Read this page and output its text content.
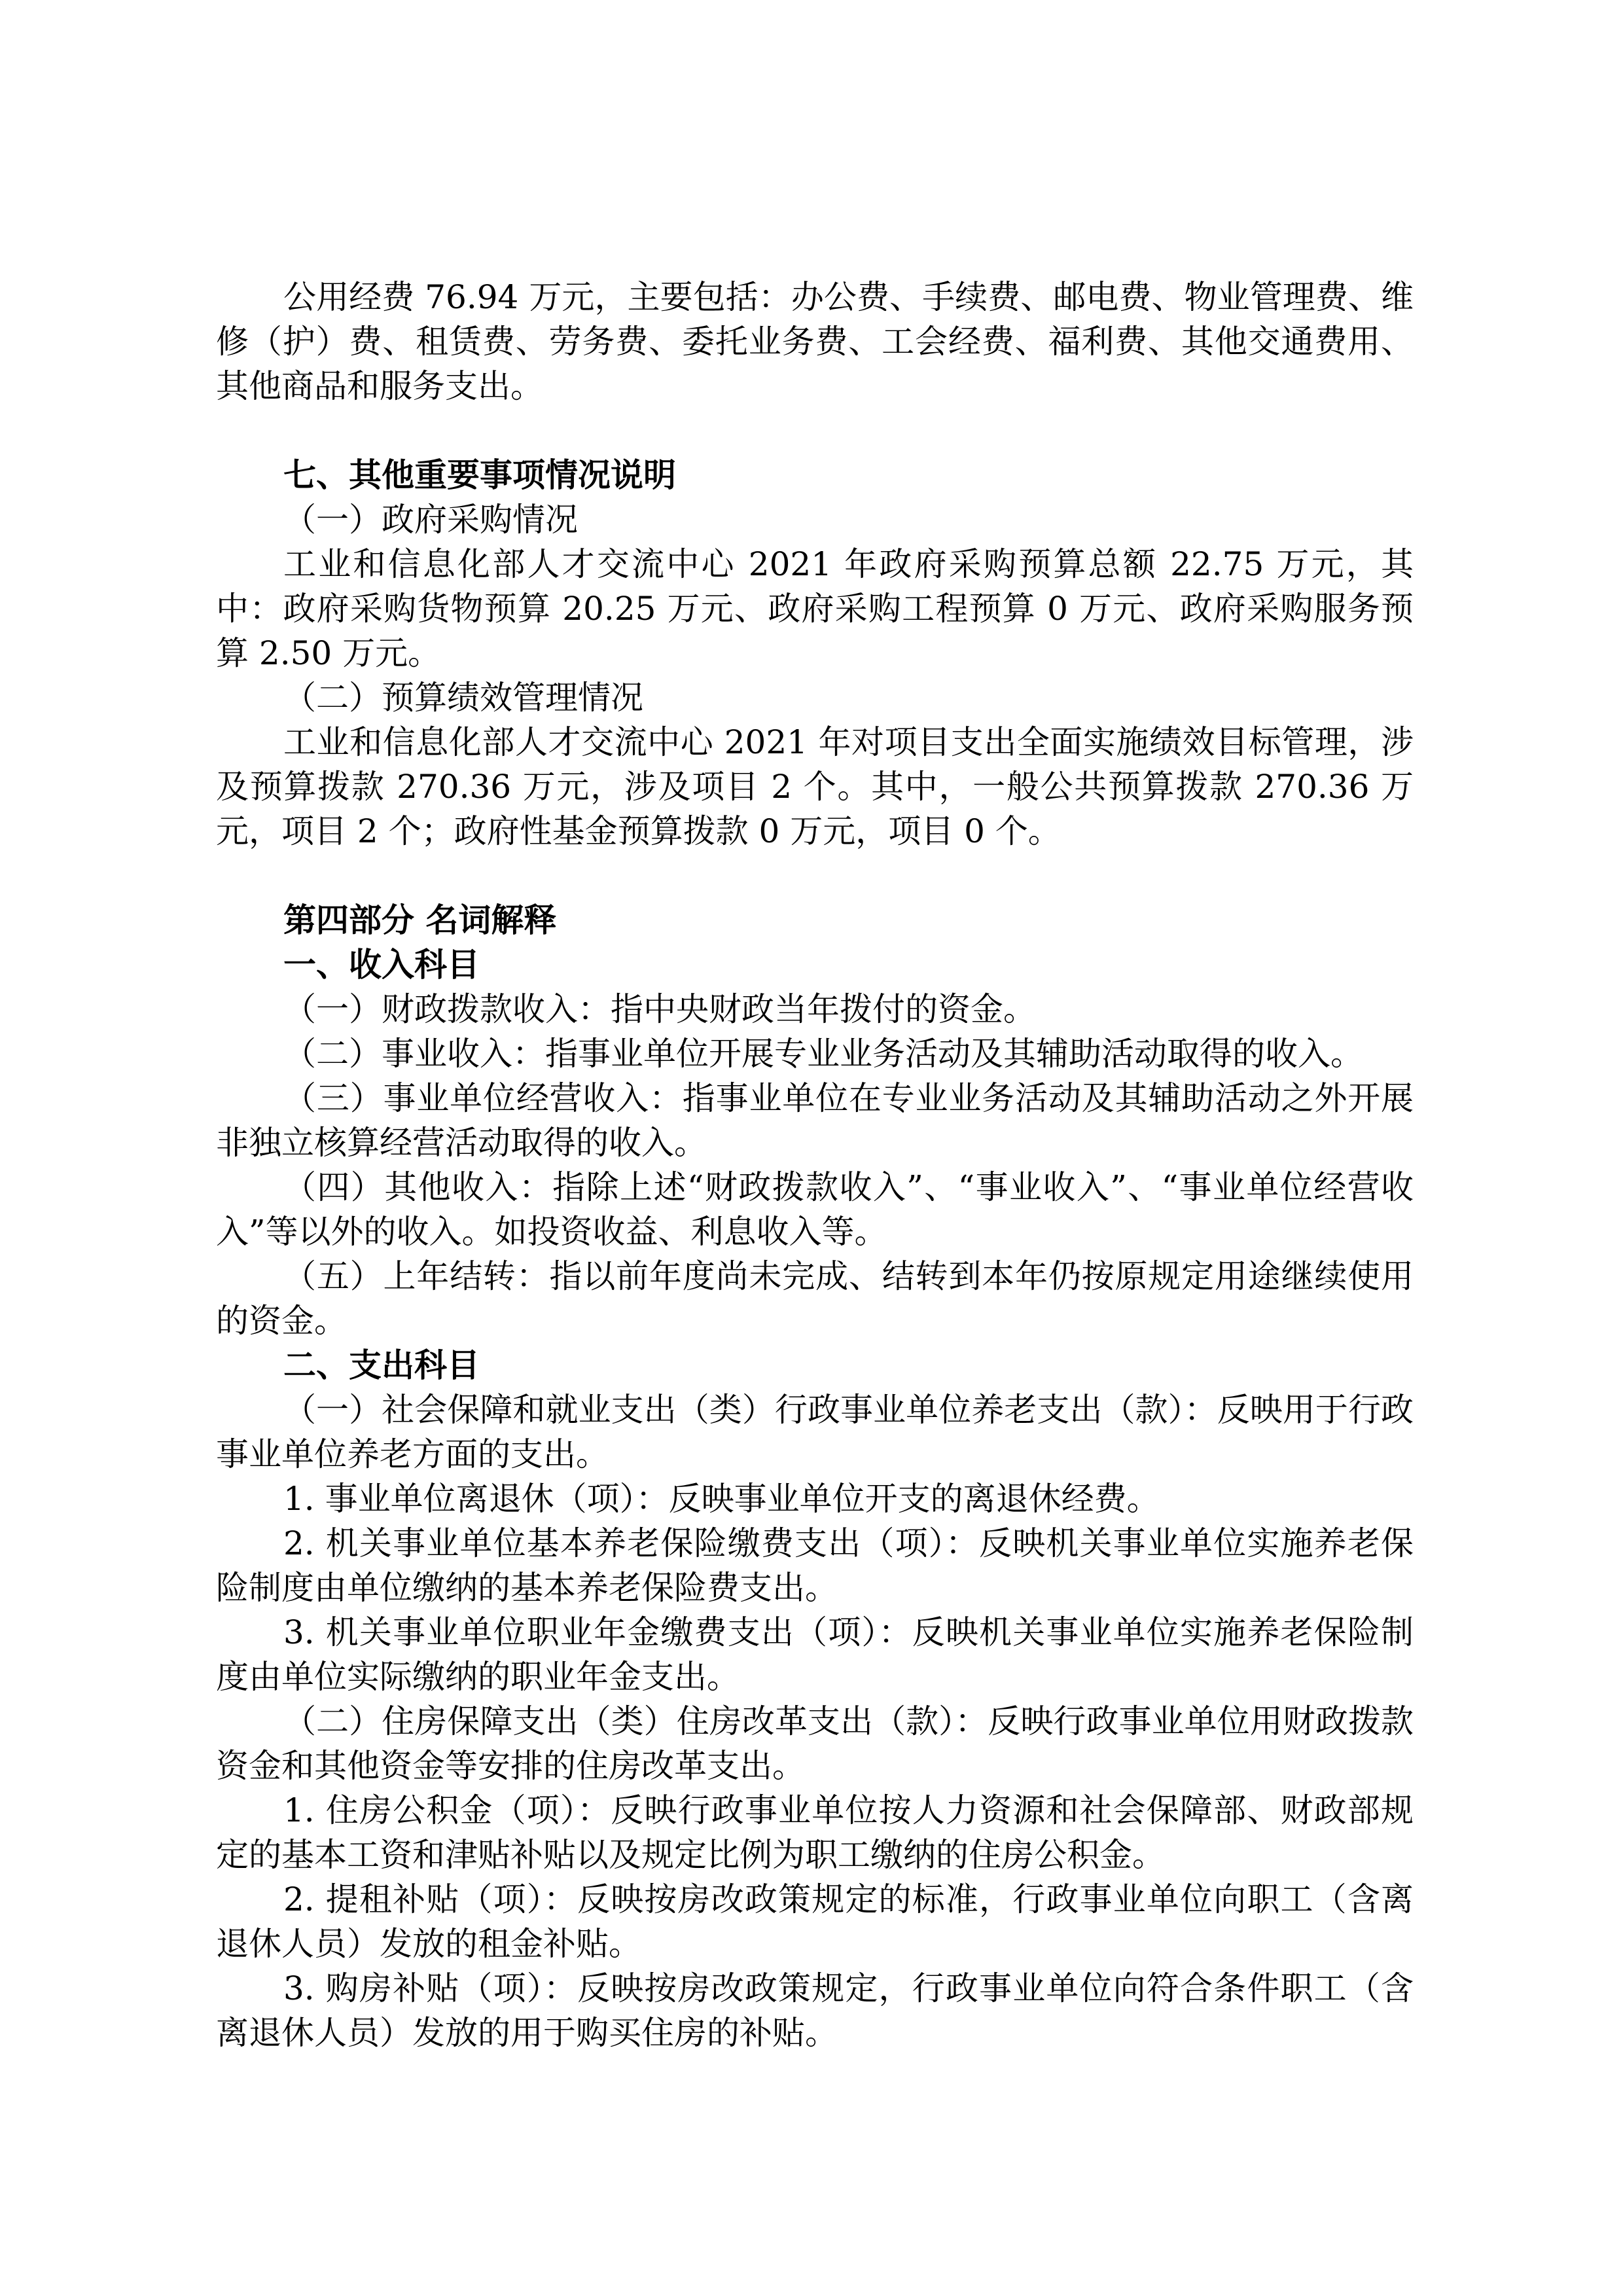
公用经费 76.94 万元，主要包括：办公费、手续费、邮电费、物业管理费、维修（护）费、租赁费、劳务费、委托业务费、工会经费、福利费、其他交通费用、其他商品和服务支出。

七、其他重要事项情况说明

（一）政府采购情况

工业和信息化部人才交流中心 2021 年政府采购预算总额 22.75 万元，其中：政府采购货物预算 20.25 万元、政府采购工程预算 0 万元、政府采购服务预算 2.50 万元。

（二）预算绩效管理情况

工业和信息化部人才交流中心 2021 年对项目支出全面实施绩效目标管理，涉及预算拨款 270.36 万元，涉及项目 2 个。其中，一般公共预算拨款 270.36 万元，项目 2 个；政府性基金预算拨款 0 万元，项目 0 个。

第四部分 名词解释

一、收入科目

（一）财政拨款收入：指中央财政当年拨付的资金。

（二）事业收入：指事业单位开展专业业务活动及其辅助活动取得的收入。

（三）事业单位经营收入：指事业单位在专业业务活动及其辅助活动之外开展非独立核算经营活动取得的收入。

（四）其他收入：指除上述“财政拨款收入”、“事业收入”、“事业单位经营收入”等以外的收入。如投资收益、利息收入等。

（五）上年结转：指以前年度尚未完成、结转到本年仍按原规定用途继续使用的资金。

二、支出科目

（一）社会保障和就业支出（类）行政事业单位养老支出（款）：反映用于行政事业单位养老方面的支出。

1. 事业单位离退休（项）：反映事业单位开支的离退休经费。

2. 机关事业单位基本养老保险缴费支出（项）：反映机关事业单位实施养老保险制度由单位缴纳的基本养老保险费支出。

3. 机关事业单位职业年金缴费支出（项）：反映机关事业单位实施养老保险制度由单位实际缴纳的职业年金支出。

（二）住房保障支出（类）住房改革支出（款）：反映行政事业单位用财政拨款资金和其他资金等安排的住房改革支出。

1. 住房公积金（项）：反映行政事业单位按人力资源和社会保障部、财政部规定的基本工资和津贴补贴以及规定比例为职工缴纳的住房公积金。

2. 提租补贴（项）：反映按房改政策规定的标准，行政事业单位向职工（含离退休人员）发放的租金补贴。

3. 购房补贴（项）：反映按房改政策规定，行政事业单位向符合条件职工（含离退休人员）发放的用于购买住房的补贴。
